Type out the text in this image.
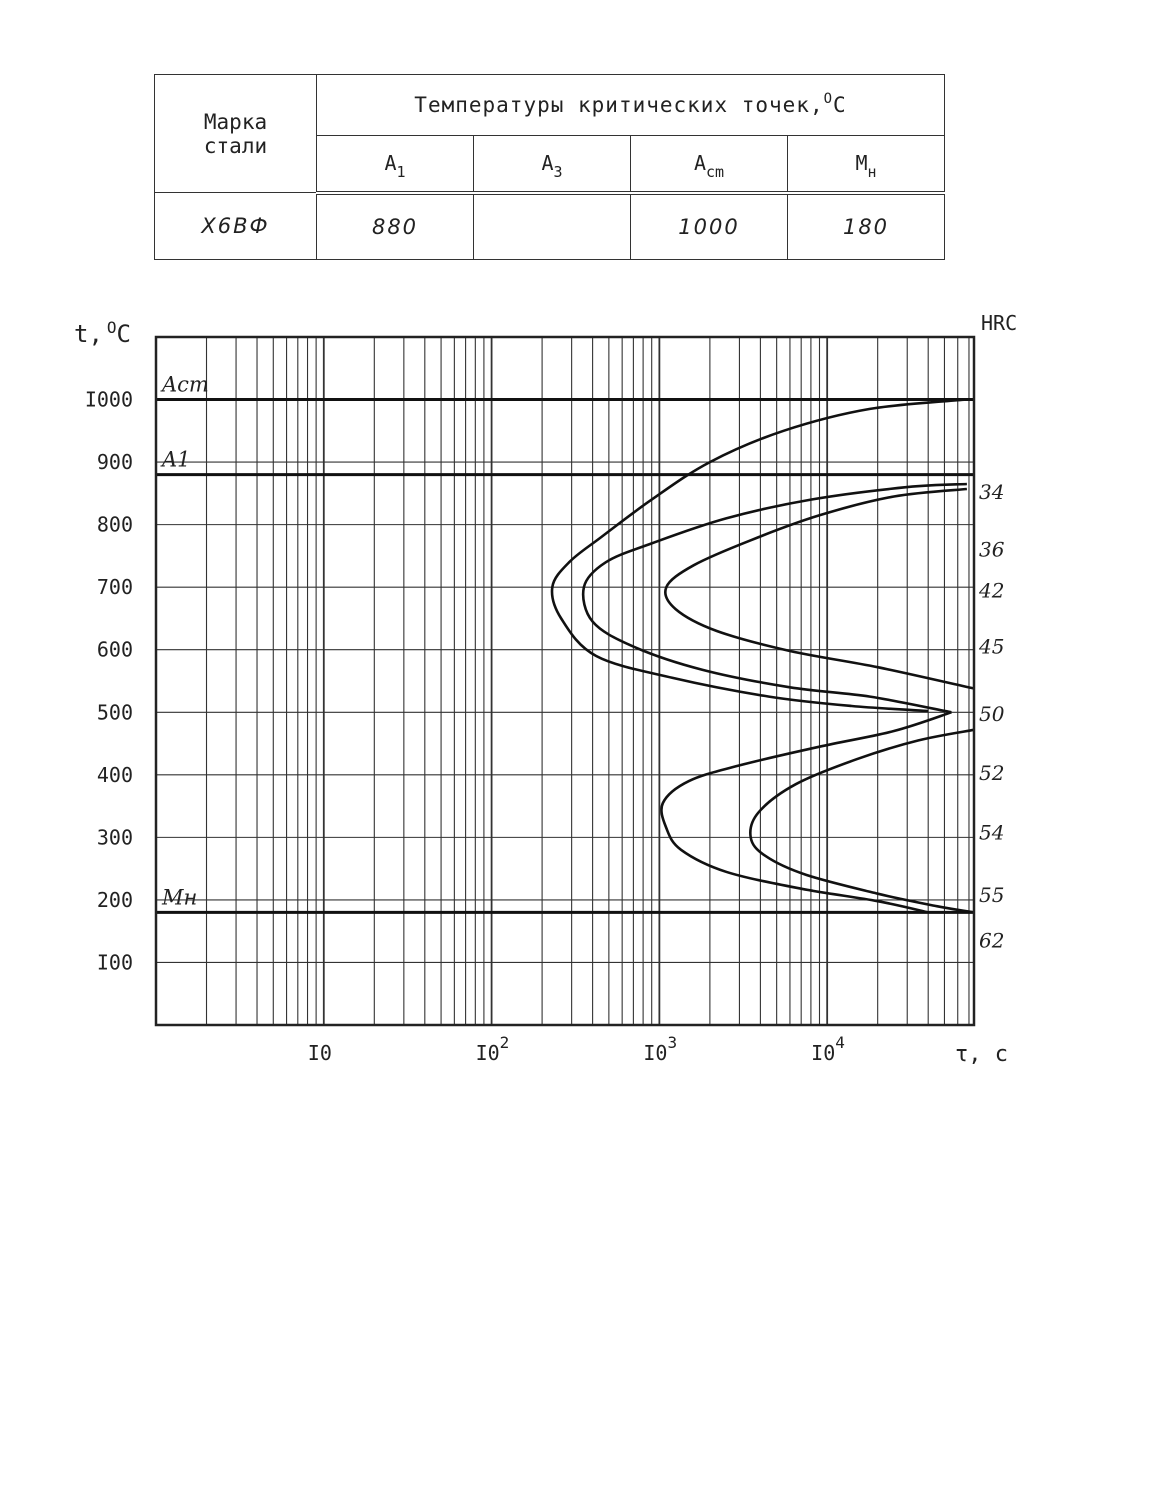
Марка
стали	Температуры критических точек,$^О$С			
	$A_1$	$A_3$	$A_{cm}$	$M_н$
Х6ВФ	880		1000	180
Acm
A1
Mн
I00
200
300
400
500
600
700
800
900
I000
I0	$I0^2$	$I0^3$	$I0^4$
34
36
42
45
50
52
54
55
62
t, $^О$C	HRC
τ, с
